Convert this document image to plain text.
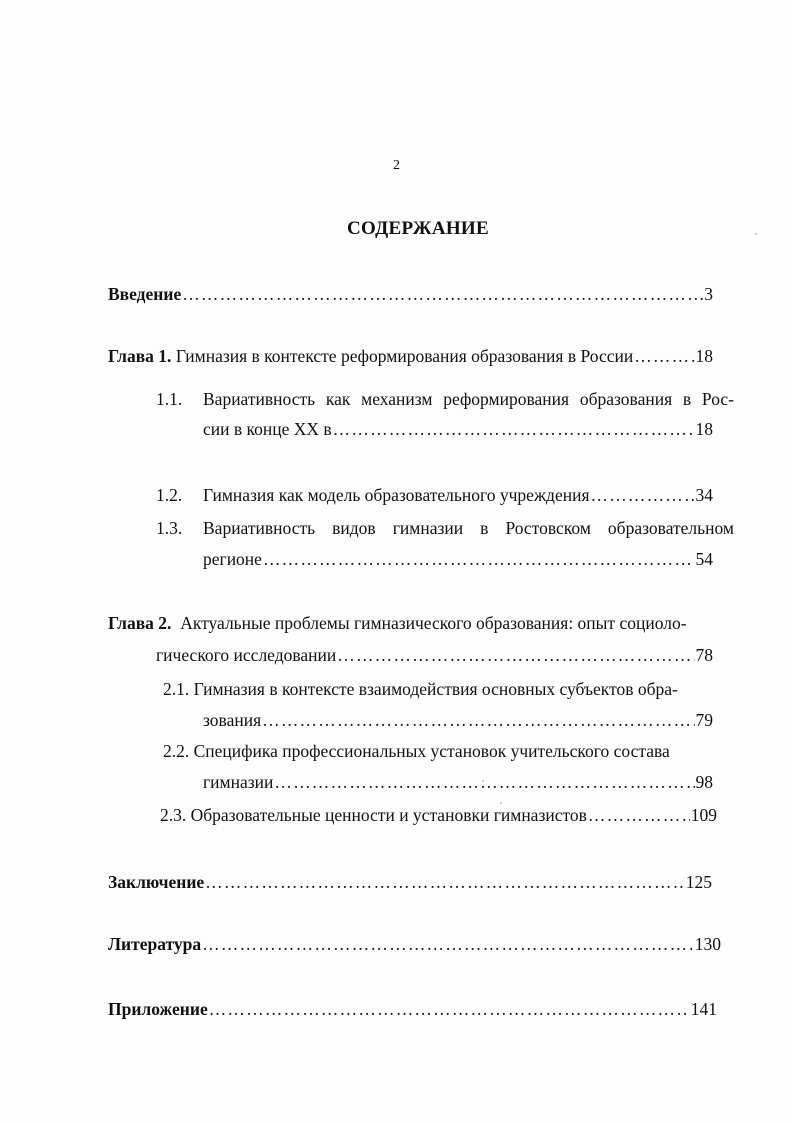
2
СОДЕРЖАНИЕ
Введение ………………………………………………………………………………………………………………………………………………………………………………	3
Глава 1. Гимназия в контексте реформирования образования в России ………………………………………………………………………………………………………………………………………………………………………………	18
1.1. Вариативность как механизм реформирования образования в Рос-
сии в конце XX в ………………………………………………………………………………………………………………………………………………………………………………	18
1.2. Гимназия как модель образовательного учреждения ………………………………………………………………………………………………………………………………………………………………………………	34
1.3. Вариативность видов гимназии в Ростовском образовательном
регионе ………………………………………………………………………………………………………………………………………………………………………………	54
Глава 2.  Актуальные проблемы гимназического образования: опыт социоло-
гического исследовании ………………………………………………………………………………………………………………………………………………………………………………	78
2.1. Гимназия в контексте взаимодействия основных субъектов обра-
зования ………………………………………………………………………………………………………………………………………………………………………………	79
2.2. Специфика профессиональных установок учительского состава
гимназии ………………………………………………………………………………………………………………………………………………………………………………	98
2.3. Образовательные ценности и установки гимназистов ………………………………………………………………………………………………………………………………………………………………………………	109
Заключение ………………………………………………………………………………………………………………………………………………………………………………	125
Литература ………………………………………………………………………………………………………………………………………………………………………………	130
Приложение ………………………………………………………………………………………………………………………………………………………………………………	141
